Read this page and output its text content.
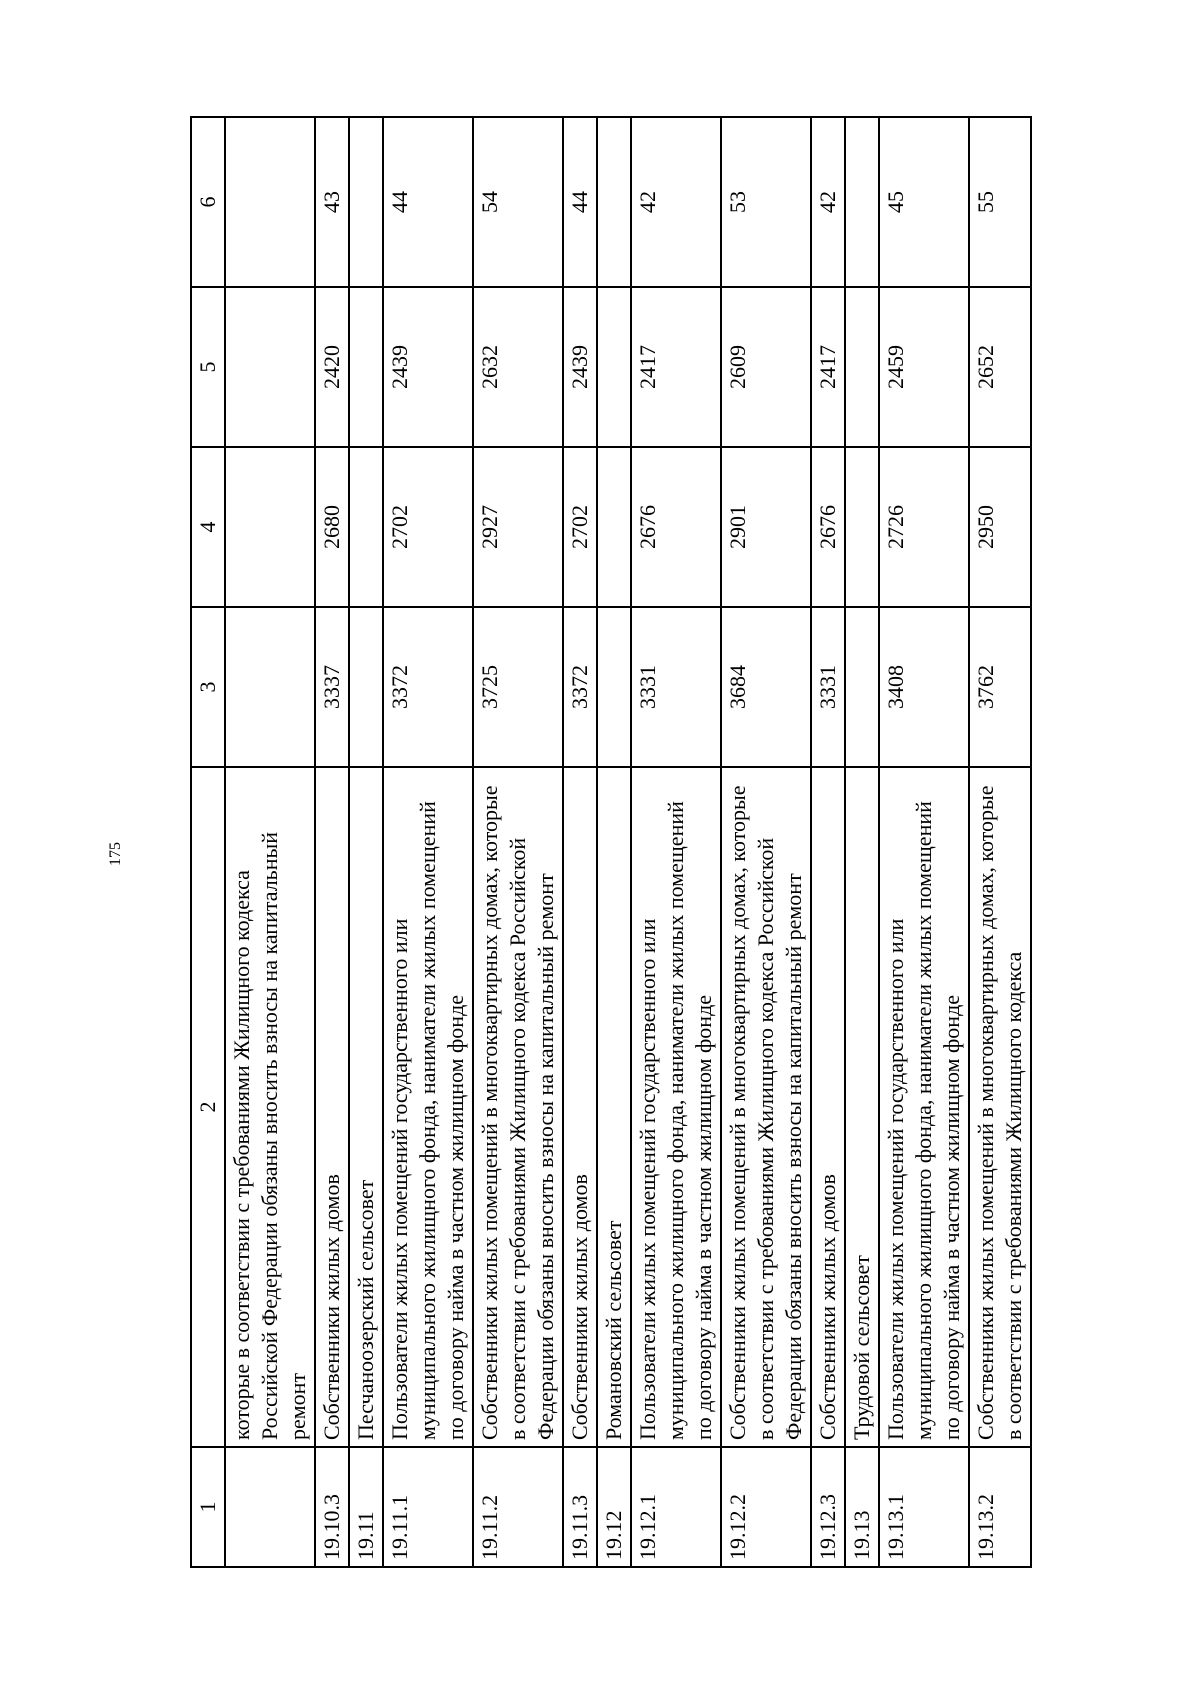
175
1	2	3	4	5	6
	которые в соответствии с требованиями Жилищного кодекса Российской Федерации обязаны вносить взносы на капитальный ремонт				
19.10.3	Собственники жилых домов	3337	2680	2420	43
19.11	Песчаноозерский сельсовет				
19.11.1	Пользователи жилых помещений государственного или муниципального жилищного фонда, наниматели жилых помещений по договору найма в частном жилищном фонде	3372	2702	2439	44
19.11.2	Собственники жилых помещений в многоквартирных домах, которые в соответствии с требованиями Жилищного кодекса Российской Федерации обязаны вносить взносы на капитальный ремонт	3725	2927	2632	54
19.11.3	Собственники жилых домов	3372	2702	2439	44
19.12	Романовский сельсовет				
19.12.1	Пользователи жилых помещений государственного или муниципального жилищного фонда, наниматели жилых помещений по договору найма в частном жилищном фонде	3331	2676	2417	42
19.12.2	Собственники жилых помещений в многоквартирных домах, которые в соответствии с требованиями Жилищного кодекса Российской Федерации обязаны вносить взносы на капитальный ремонт	3684	2901	2609	53
19.12.3	Собственники жилых домов	3331	2676	2417	42
19.13	Трудовой сельсовет				
19.13.1	Пользователи жилых помещений государственного или муниципального жилищного фонда, наниматели жилых помещений по договору найма в частном жилищном фонде	3408	2726	2459	45
19.13.2	Собственники жилых помещений в многоквартирных домах, которые в соответствии с требованиями Жилищного кодекса	3762	2950	2652	55
